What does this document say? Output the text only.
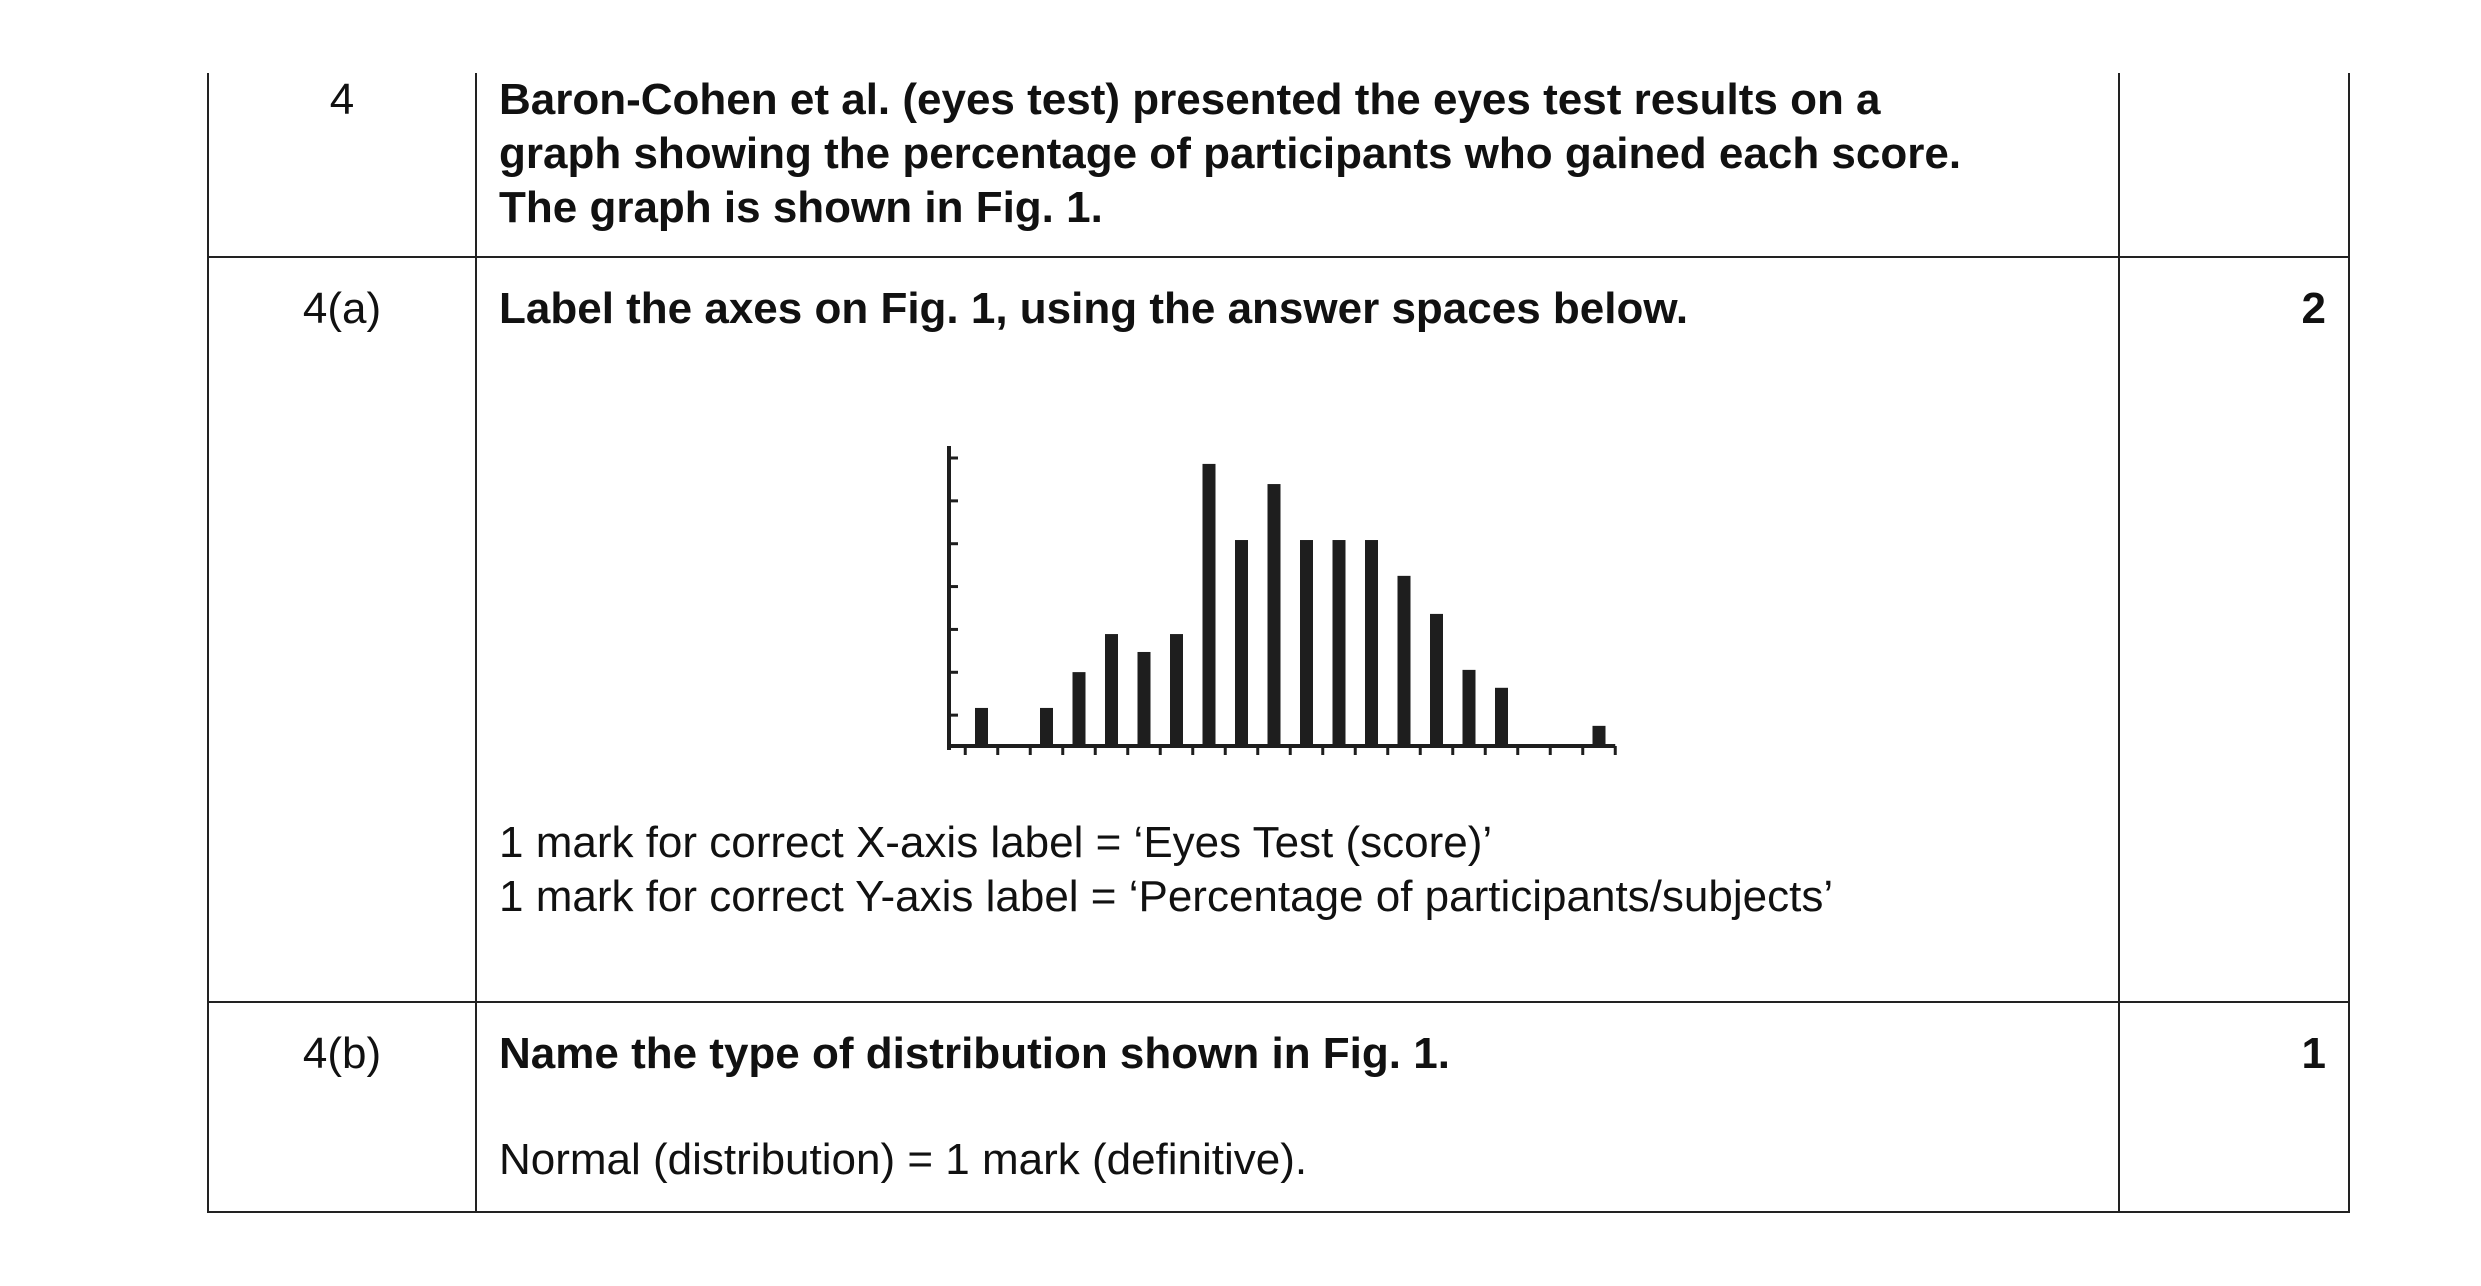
4	Baron-Cohen et al. (eyes test) presented the eyes test results on a
graph showing the percentage of participants who gained each score.
The graph is shown in Fig. 1.	

4(a)	Label the axes on Fig. 1, using the answer spaces below.
1 mark for correct X-axis label = ‘Eyes Test (score)’
1 mark for correct Y-axis label = ‘Percentage of participants/subjects’	2

4(b)	Name the type of distribution shown in Fig. 1.
Normal (distribution) = 1 mark (definitive).	1
